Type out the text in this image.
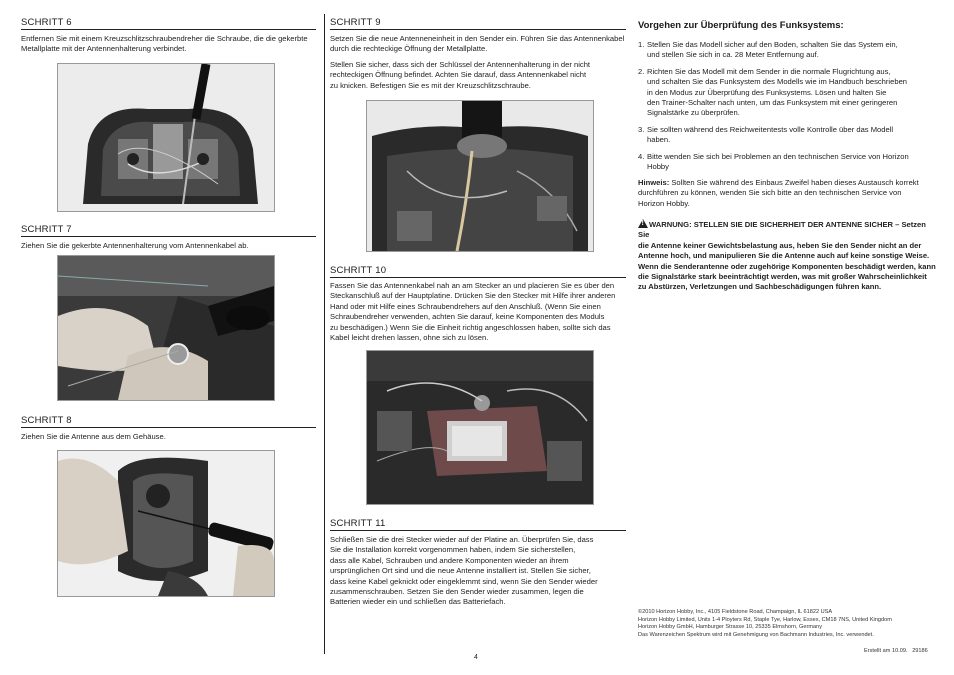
SCHRITT 6
Entfernen Sie mit einem Kreuzschlitzschraubendreher die Schraube, die die gekerbte
Metallplatte mit der Antennenhalterung verbindet.
SCHRITT 7
Ziehen Sie die gekerbte Antennenhalterung vom Antennenkabel ab.
SCHRITT 8
Ziehen Sie die Antenne aus dem Gehäuse.
SCHRITT 9
Setzen Sie die neue Antenneneinheit in den Sender ein. Führen Sie das Antennenkabel
durch die rechteckige Öffnung der Metallplatte.
Stellen Sie sicher, dass sich der Schlüssel der Antennenhalterung in der nicht
rechteckigen Öffnung befindet. Achten Sie darauf, dass Antennenkabel nicht
zu knicken. Befestigen Sie es mit der Kreuzschlitzschraube.
SCHRITT 10
Fassen Sie das Antennenkabel nah an am Stecker an und placieren Sie es über den
Steckanschluß auf der Hauptplatine. Drücken Sie den Stecker mit Hilfe ihrer anderen
Hand oder mit Hilfe eines Schraubendrehers auf den Anschluß. (Wenn Sie einen
Schraubendreher verwenden, achten Sie darauf, keine Komponenten des Moduls
zu beschädigen.) Wenn Sie die Einheit richtig angeschlossen haben, sollte sich das
Kabel leicht drehen lassen, ohne sich zu lösen.
SCHRITT 11
Schließen Sie die drei Stecker wieder auf der Platine an. Überprüfen Sie, dass
Sie die Installation korrekt vorgenommen haben, indem Sie sicherstellen,
dass alle Kabel, Schrauben und andere Komponenten wieder an ihrem
ursprünglichen Ort sind und die neue Antenne installiert ist. Stellen Sie sicher,
dass keine Kabel geknickt oder eingeklemmt sind, wenn Sie den Sender wieder
zusammenschrauben. Setzen Sie den Sender wieder zusammen, legen die
Batterien wieder ein und schließen das Batteriefach.
4
Vorgehen zur Überprüfung des Funksystems:
1. Stellen Sie das Modell sicher auf den Boden, schalten Sie das System ein,
und stellen Sie sich in ca. 28 Meter Entfernung auf.
2. Richten Sie das Modell mit dem Sender in die normale Flugrichtung aus,
und schalten Sie das Funksystem des Modells wie im Handbuch beschrieben
in den Modus zur Überprüfung des Funksystems. Lösen und halten Sie
den Trainer-Schalter nach unten, um das Funksystem mit einer geringeren
Signalstärke zu überprüfen.
3. Sie sollten während des Reichweitentests volle Kontrolle über das Modell
haben.
4. Bitte wenden Sie sich bei Problemen an den technischen Service von Horizon
Hobby
Hinweis: Sollten Sie während des Einbaus Zweifel haben dieses Austausch korrekt
durchführen zu können, wenden Sie sich bitte an den technischen Service von
Horizon Hobby.
!WARNUNG: STELLEN SIE DIE SICHERHEIT DER ANTENNE SICHER – Setzen Sie
die Antenne keiner Gewichtsbelastung aus, heben Sie den Sender nicht an der
Antenne hoch, und manipulieren Sie die Antenne auch auf keine sonstige Weise.
Wenn die Senderantenne oder zugehörige Komponenten beschädigt werden, kann
die Signalstärke stark beeinträchtigt werden, was mit großer Wahrscheinlichkeit
zu Abstürzen, Verletzungen und Sachbeschädigungen führen kann.
©2010 Horizon Hobby, Inc., 4105 Fieldstone Road, Champaign, IL 61822 USA
Horizon Hobby Limited, Units 1-4 Ployters Rd, Staple Tye, Harlow, Essex, CM18 7NS, United Kingdom
Horizon Hobby GmbH, Hamburger Strasse 10, 25335 Elmshorn, Germany
Das Warenzeichen Spektrum wird mit Genehmigung von Bachmann Industries, Inc. verwendet.
Erstellt am 10.09.   29186
